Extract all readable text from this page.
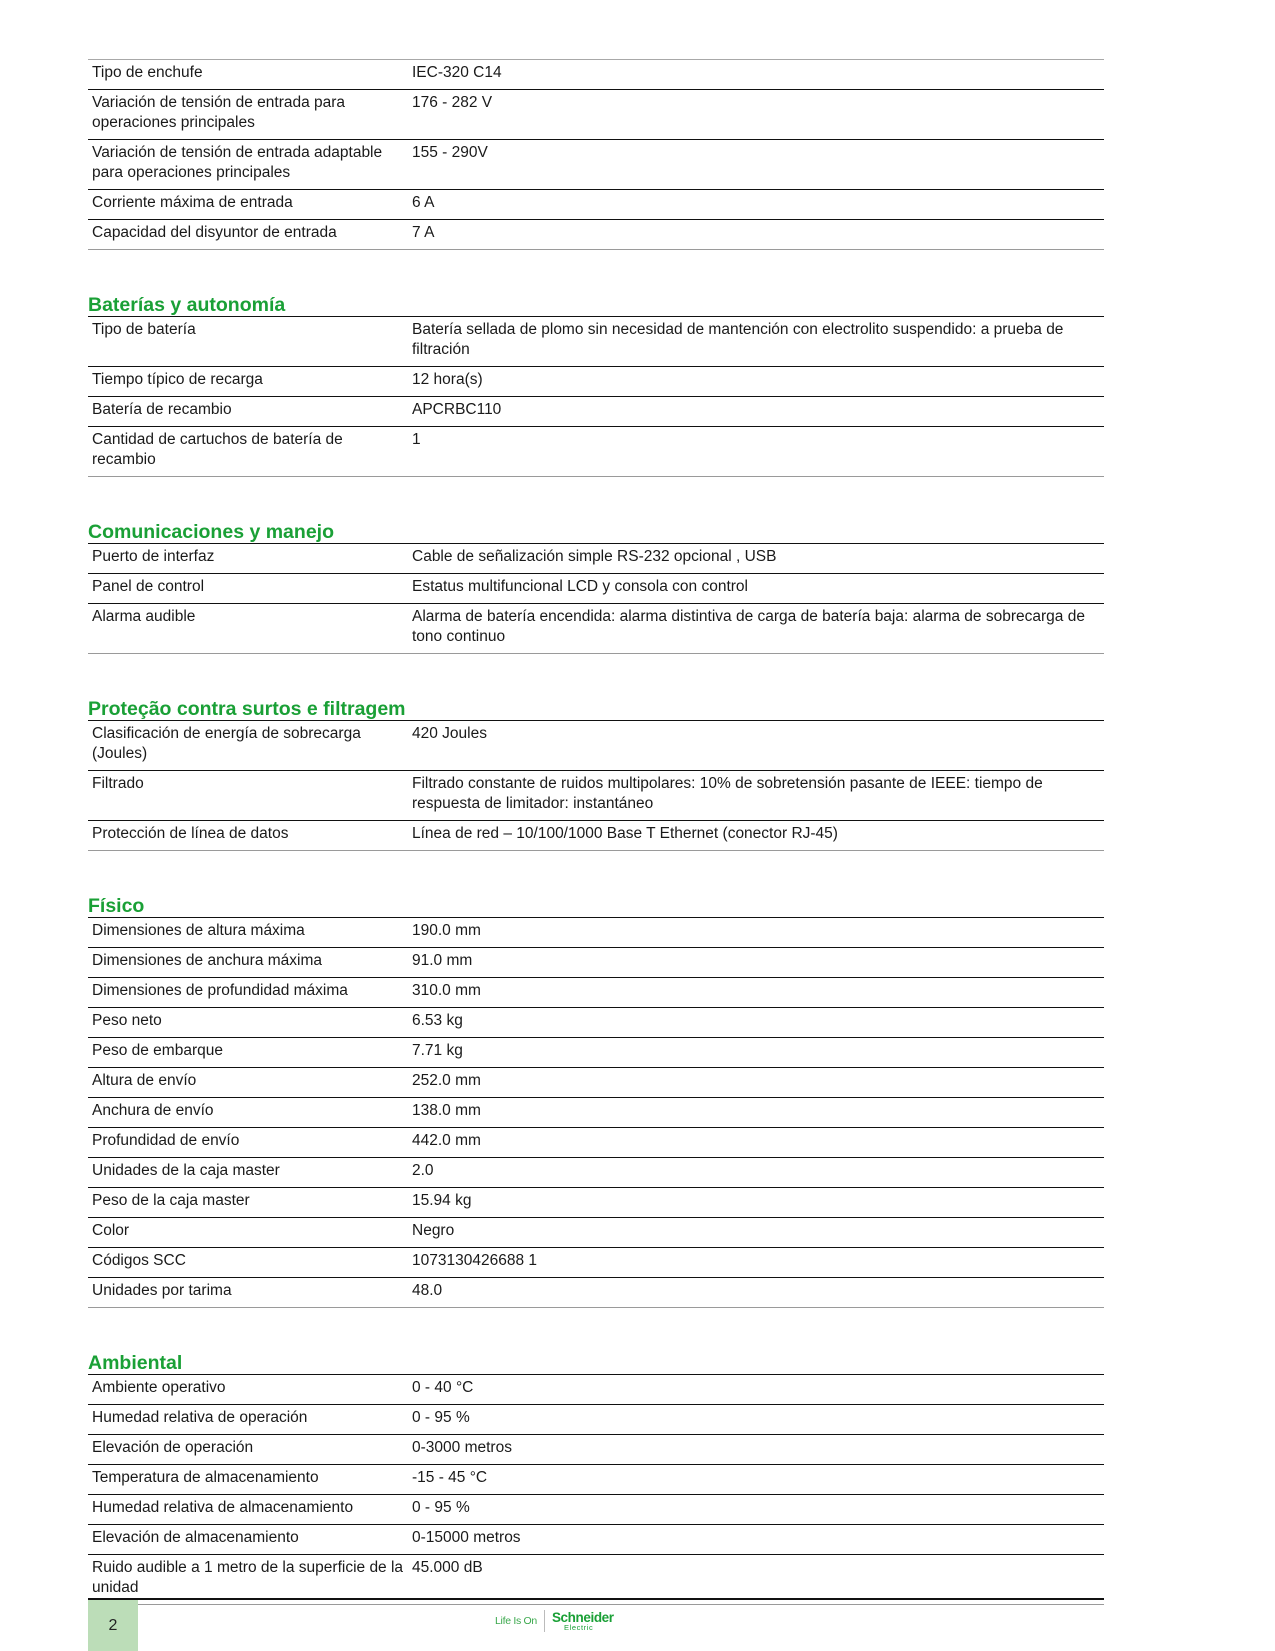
Tipo de enchufe	IEC-320 C14
Variación de tensión de entrada para operaciones principales	176 - 282 V
Variación de tensión de entrada adaptable para operaciones principales	155 - 290V
Corriente máxima de entrada	6 A
Capacidad del disyuntor de entrada	7 A
Baterías y autonomía
Tipo de batería	Batería sellada de plomo sin necesidad de mantención con electrolito suspendido: a prueba de filtración
Tiempo típico de recarga	12 hora(s)
Batería de recambio	APCRBC110
Cantidad de cartuchos de batería de recambio	1
Comunicaciones y manejo
Puerto de interfaz	Cable de señalización simple RS-232 opcional , USB
Panel de control	Estatus multifuncional LCD y consola con control
Alarma audible	Alarma de batería encendida: alarma distintiva de carga de batería baja: alarma de sobrecarga de tono continuo
Proteção contra surtos e filtragem
Clasificación de energía de sobrecarga (Joules)	420 Joules
Filtrado	Filtrado constante de ruidos multipolares: 10% de sobretensión pasante de IEEE: tiempo de respuesta de limitador: instantáneo
Protección de línea de datos	Línea de red – 10/100/1000 Base T Ethernet (conector RJ-45)
Físico
Dimensiones de altura máxima	190.0 mm
Dimensiones de anchura máxima	91.0 mm
Dimensiones de profundidad máxima	310.0 mm
Peso neto	6.53 kg
Peso de embarque	7.71 kg
Altura de envío	252.0 mm
Anchura de envío	138.0 mm
Profundidad de envío	442.0 mm
Unidades de la caja master	2.0
Peso de la caja master	15.94 kg
Color	Negro
Códigos SCC	1073130426688 1
Unidades por tarima	48.0
Ambiental
Ambiente operativo	0 - 40 °C
Humedad relativa de operación	0 - 95 %
Elevación de operación	0-3000 metros
Temperatura de almacenamiento	-15 - 45 °C
Humedad relativa de almacenamiento	0 - 95 %
Elevación de almacenamiento	0-15000 metros
Ruido audible a 1 metro de la superficie de la unidad	45.000 dB
2	Life Is On	Schneider
Electric
